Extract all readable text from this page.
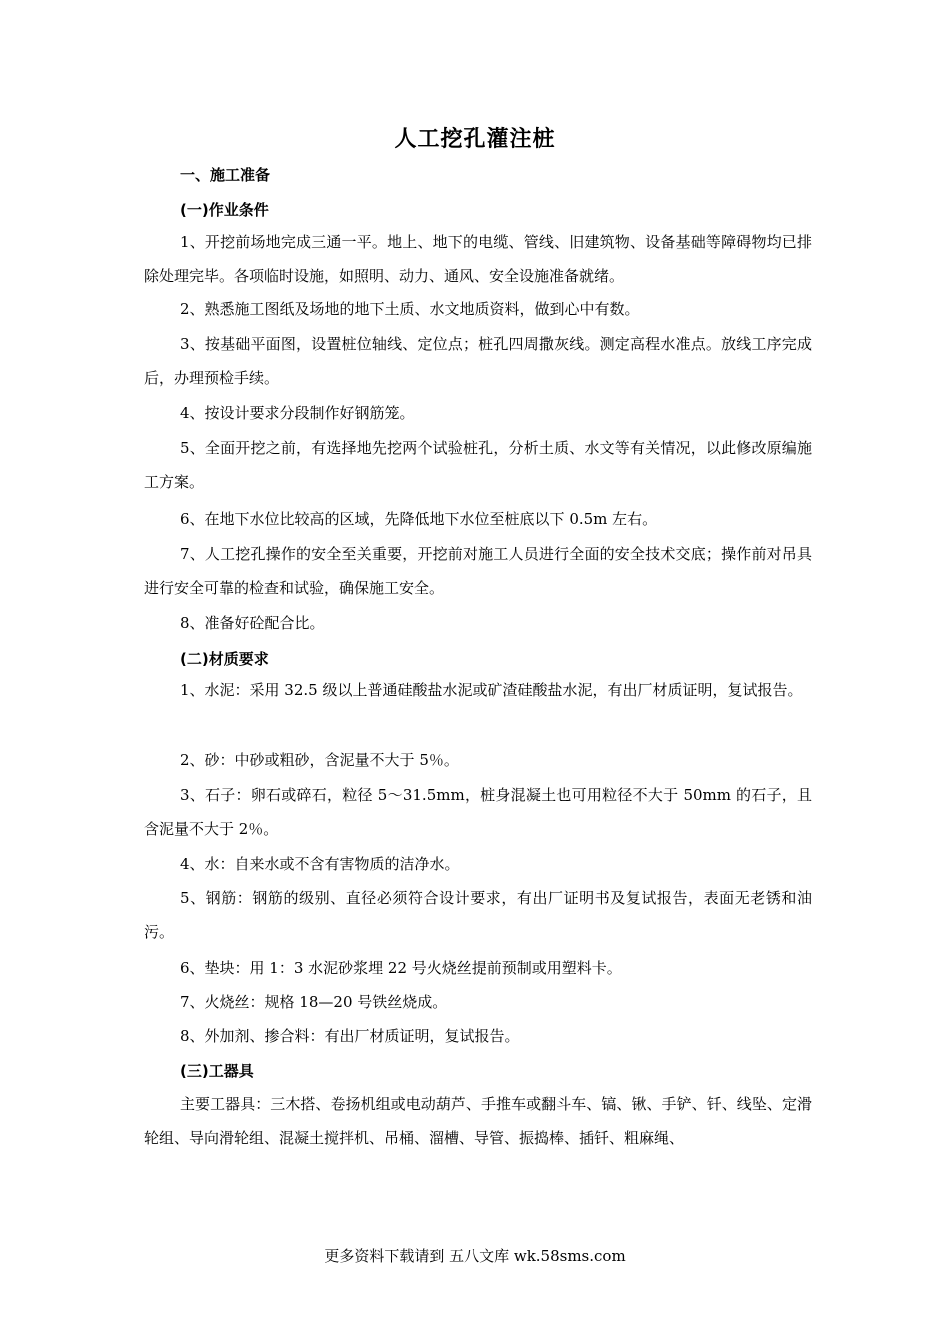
人工挖孔灌注桩
一、施工准备
(一)作业条件
1、开挖前场地完成三通一平。地上、地下的电缆、管线、旧建筑物、设备基础等障碍物均已排除处理完毕。各项临时设施，如照明、动力、通风、安全设施准备就绪。
2、熟悉施工图纸及场地的地下土质、水文地质资料，做到心中有数。
3、按基础平面图，设置桩位轴线、定位点；桩孔四周撒灰线。测定高程水准点。放线工序完成后，办理预检手续。
4、按设计要求分段制作好钢筋笼。
5、全面开挖之前，有选择地先挖两个试验桩孔，分析土质、水文等有关情况，以此修改原编施工方案。
6、在地下水位比较高的区域，先降低地下水位至桩底以下 0.5m 左右。
7、人工挖孔操作的安全至关重要，开挖前对施工人员进行全面的安全技术交底；操作前对吊具进行安全可靠的检查和试验，确保施工安全。
8、准备好砼配合比。
(二)材质要求
1、水泥：采用 32.5 级以上普通硅酸盐水泥或矿渣硅酸盐水泥，有出厂材质证明，复试报告。
2、砂：中砂或粗砂，含泥量不大于 5％。
3、石子：卵石或碎石，粒径 5～31.5mm，桩身混凝土也可用粒径不大于 50mm 的石子，且含泥量不大于 2％。
4、水：自来水或不含有害物质的洁净水。
5、钢筋：钢筋的级别、直径必须符合设计要求，有出厂证明书及复试报告，表面无老锈和油污。
6、垫块：用 1：3 水泥砂浆埋 22 号火烧丝提前预制或用塑料卡。
7、火烧丝：规格 18—20 号铁丝烧成。
8、外加剂、掺合料：有出厂材质证明，复试报告。
(三)工器具
主要工器具：三木搭、卷扬机组或电动葫芦、手推车或翻斗车、镐、锹、手铲、钎、线坠、定滑轮组、导向滑轮组、混凝土搅拌机、吊桶、溜槽、导管、振捣棒、插钎、粗麻绳、
更多资料下载请到 五八文库 wk.58sms.com
